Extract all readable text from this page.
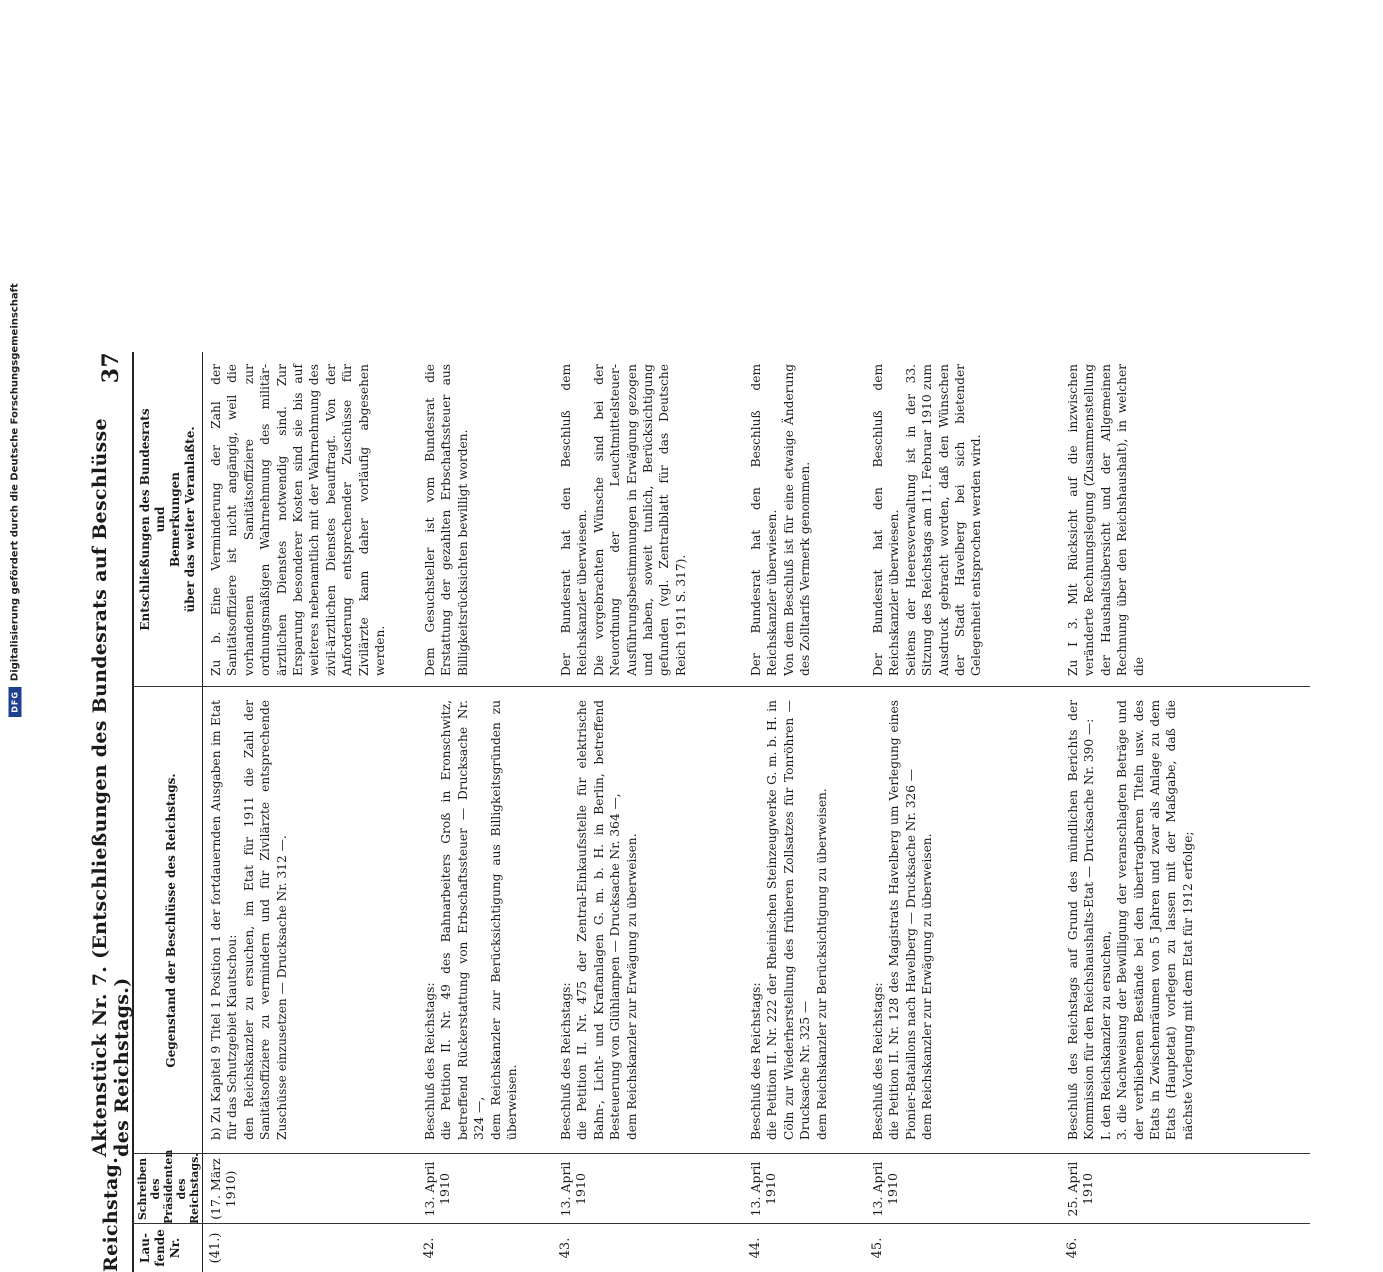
DFG
Digitalisierung gefördert durch die Deutsche Forschungsgemeinschaft
Reichstag.
Aktenstück Nr. 7. (Entschließungen des Bundesrats auf Beschlüsse des Reichstags.)
37
Lau-
fende
Nr.
Schreiben
des
Präsidenten
des
Reichstags.
Gegenstand der Beschlüsse des Reichstags.
Entschließungen des Bundesrats
und
Bemerkungen
über das weiter Veranlaßte.
(41.)
(17. März
1910)
b) Zu Kapitel 9 Titel 1 Position 1 der fortdauernden Ausgaben im Etat für das Schutzgebiet Kiautschou:
den Reichskanzler zu ersuchen, im Etat für 1911 die Zahl der Sanitätsoffiziere zu vermindern und für Zivilärzte entsprechende Zuschüsse einzusetzen — Drucksache Nr. 312 —.
Zu b. Eine Verminderung der Zahl der Sanitätsoffiziere ist nicht angängig, weil die vorhandenen Sanitätsoffiziere zur ordnungsmäßigen Wahrnehmung des militär-ärztlichen Dienstes notwendig sind. Zur Ersparung besonderer Kosten sind sie bis auf weiteres nebenamtlich mit der Wahrnehmung des zivil-ärztlichen Dienstes beauftragt. Von der Anforderung entsprechender Zuschüsse für Zivilärzte kann daher vorläufig abgesehen werden.
42.
13. April
1910
Beschluß des Reichstags:
die Petition II. Nr. 49 des Bahnarbeiters Groß in Eronschwitz, betreffend Rückerstattung von Erbschaftssteuer — Drucksache Nr. 324 —,
dem Reichskanzler zur Berücksichtigung aus Billigkeitsgründen zu überweisen.
Dem Gesuchsteller ist vom Bundesrat die Erstattung der gezahlten Erbschaftssteuer aus Billigkeitsrücksichten bewilligt worden.
43.
13. April
1910
Beschluß des Reichstags:
die Petition II. Nr. 475 der Zentral-Einkaufsstelle für elektrische Bahn-, Licht- und Kraftanlagen G. m. b. H. in Berlin, betreffend Besteuerung von Glühlampen — Drucksache Nr. 364 —,
dem Reichskanzler zur Erwägung zu überweisen.
Der Bundesrat hat den Beschluß dem Reichskanzler überwiesen.
Die vorgebrachten Wünsche sind bei der Neuordnung der Leuchtmittelsteuer-Ausführungsbestimmungen in Erwägung gezogen und haben, soweit tunlich, Berücksichtigung gefunden (vgl. Zentralblatt für das Deutsche Reich 1911 S. 317).
44.
13. April
1910
Beschluß des Reichstags:
die Petition II. Nr. 222 der Rheinischen Steinzeugwerke G. m. b. H. in Cöln zur Wiederherstellung des früheren Zollsatzes für Tonröhren — Drucksache Nr. 325 —
dem Reichskanzler zur Berücksichtigung zu überweisen.
Der Bundesrat hat den Beschluß dem Reichskanzler überwiesen.
Von dem Beschluß ist für eine etwaige Änderung des Zolltarifs Vermerk genommen.
45.
13. April
1910
Beschluß des Reichstags:
die Petition II. Nr. 128 des Magistrats Havelberg um Verlegung eines Pionier-Bataillons nach Havelberg — Drucksache Nr. 326 —
dem Reichskanzler zur Erwägung zu überweisen.
Der Bundesrat hat den Beschluß dem Reichskanzler überwiesen.
Seitens der Heeresverwaltung ist in der 33. Sitzung des Reichstags am 11. Februar 1910 zum Ausdruck gebracht worden, daß den Wünschen der Stadt Havelberg bei sich bietender Gelegenheit entsprochen werden wird.
46.
25. April
1910
Beschluß des Reichstags auf Grund des mündlichen Berichts der Kommission für den Reichshaushalts-Etat — Drucksache Nr. 390 —:
I. den Reichskanzler zu ersuchen,
3. die Nachweisung der Bewilligung der veranschlagten Beträge und der verbliebenen Bestände bei den übertragbaren Titeln usw. des Etats in Zwischenräumen von 5 Jahren und zwar als Anlage zu dem Etats (Hauptetat) vorlegen zu lassen mit der Maßgabe, daß die nächste Vorlegung mit dem Etat für 1912 erfolge;
Zu I 3. Mit Rücksicht auf die inzwischen veränderte Rechnungslegung (Zusammenstellung der Haushaltsübersicht und der Allgemeinen Rechnung über den Reichshaushalt), in welcher die
